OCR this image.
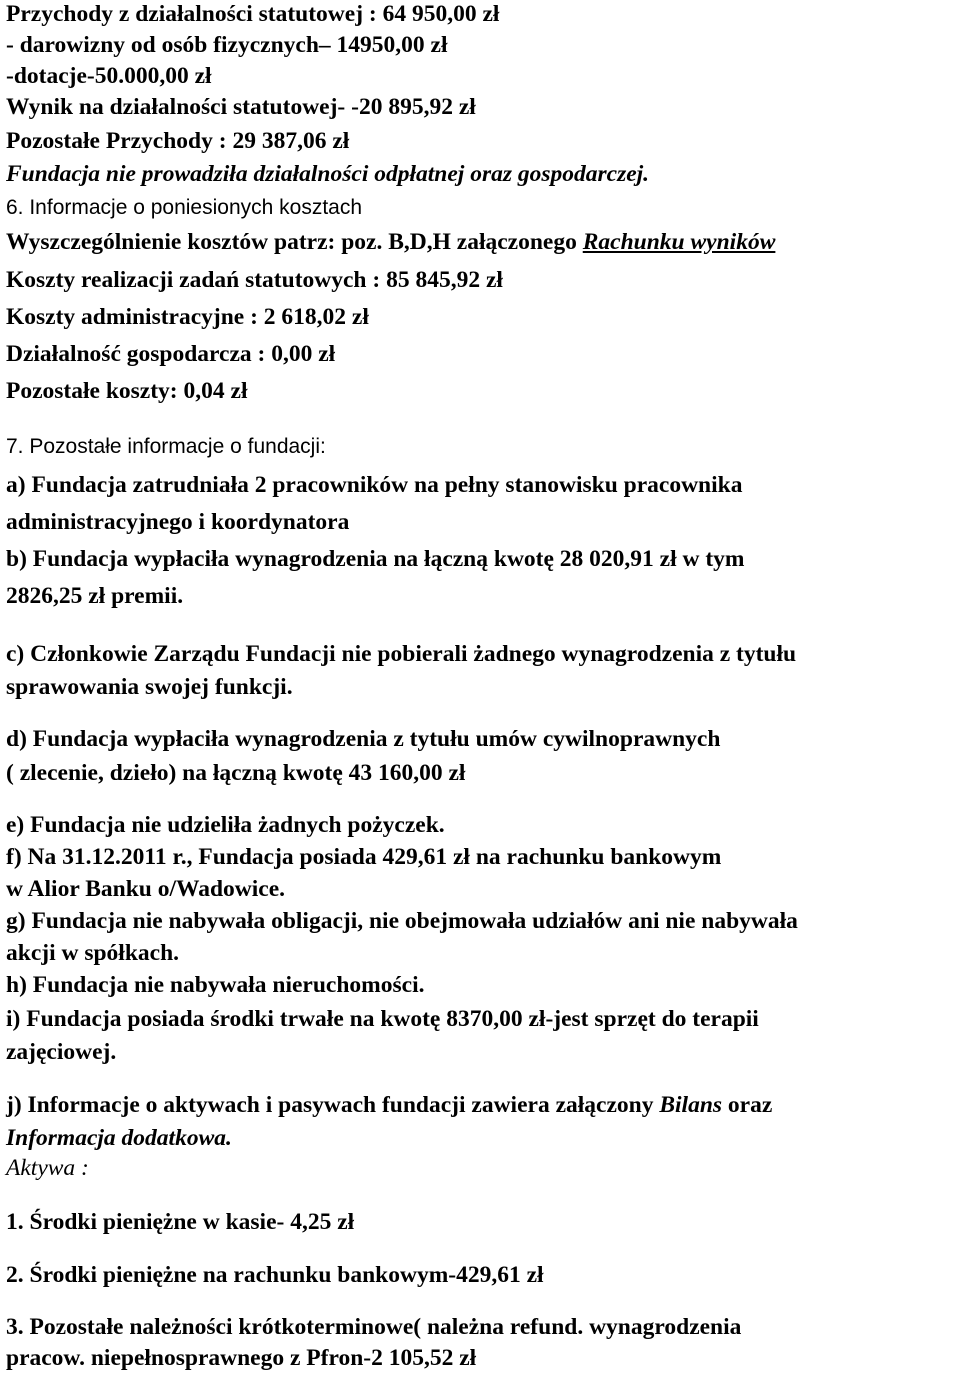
Przychody z działalności statutowej : 64 950,00 zł
- darowizny od osób fizycznych– 14950,00 zł
-dotacje-50.000,00 zł
Wynik na działalności statutowej- -20 895,92 zł
Pozostałe Przychody : 29 387,06 zł
Fundacja nie prowadziła działalności odpłatnej oraz gospodarczej.
6. Informacje o poniesionych kosztach
Wyszczególnienie kosztów patrz: poz. B,D,H załączonego Rachunku wyników
Koszty realizacji zadań statutowych : 85 845,92 zł
Koszty administracyjne : 2 618,02 zł
Działalność gospodarcza : 0,00 zł
Pozostałe koszty: 0,04 zł
7. Pozostałe informacje o fundacji:
a) Fundacja zatrudniała 2 pracowników na pełny stanowisku pracownika
administracyjnego i koordynatora
b) Fundacja wypłaciła wynagrodzenia na łączną kwotę 28 020,91 zł w tym
2826,25 zł premii.
c) Członkowie Zarządu Fundacji nie pobierali żadnego wynagrodzenia z tytułu
sprawowania swojej funkcji.
d) Fundacja wypłaciła wynagrodzenia z tytułu umów cywilnoprawnych
( zlecenie, dzieło) na łączną kwotę 43 160,00 zł
e) Fundacja nie udzieliła żadnych pożyczek.
f) Na 31.12.2011 r., Fundacja posiada 429,61 zł na rachunku bankowym
w Alior Banku o/Wadowice.
g) Fundacja nie nabywała obligacji, nie obejmowała udziałów ani nie nabywała
akcji w spółkach.
h) Fundacja nie nabywała nieruchomości.
i) Fundacja posiada środki trwałe na kwotę 8370,00 zł-jest sprzęt do terapii
zajęciowej.
j) Informacje o aktywach i pasywach fundacji zawiera załączony Bilans oraz
Informacja dodatkowa.
Aktywa :
1. Środki pieniężne w kasie- 4,25 zł
2. Środki pieniężne na rachunku bankowym-429,61 zł
3. Pozostałe należności krótkoterminowe( należna refund. wynagrodzenia
pracow. niepełnosprawnego z Pfron-2 105,52 zł
